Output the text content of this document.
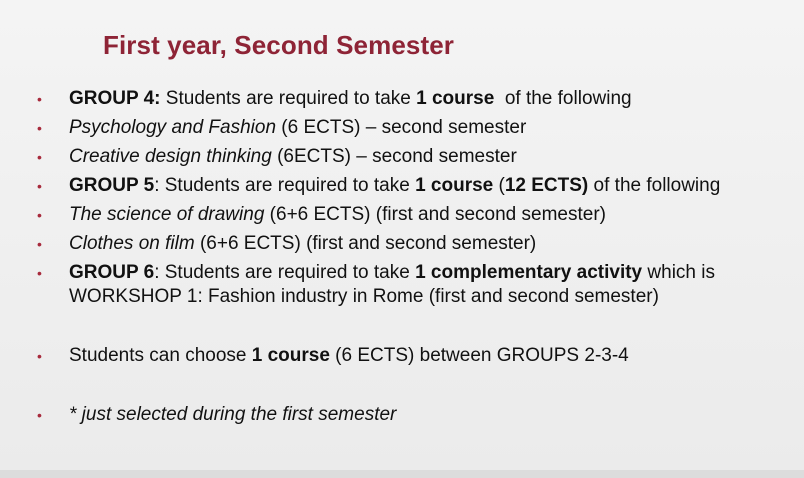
First year, Second Semester
• GROUP 4: Students are required to take 1 course  of the following
• Psychology and Fashion (6 ECTS) – second semester
• Creative design thinking (6ECTS) – second semester
• GROUP 5: Students are required to take 1 course (12 ECTS) of the following
• The science of drawing (6+6 ECTS) (first and second semester)
• Clothes on film (6+6 ECTS) (first and second semester)
• GROUP 6: Students are required to take 1 complementary activity which is
WORKSHOP 1: Fashion industry in Rome (first and second semester)
• Students can choose 1 course (6 ECTS) between GROUPS 2-3-4
• * just selected during the first semester
